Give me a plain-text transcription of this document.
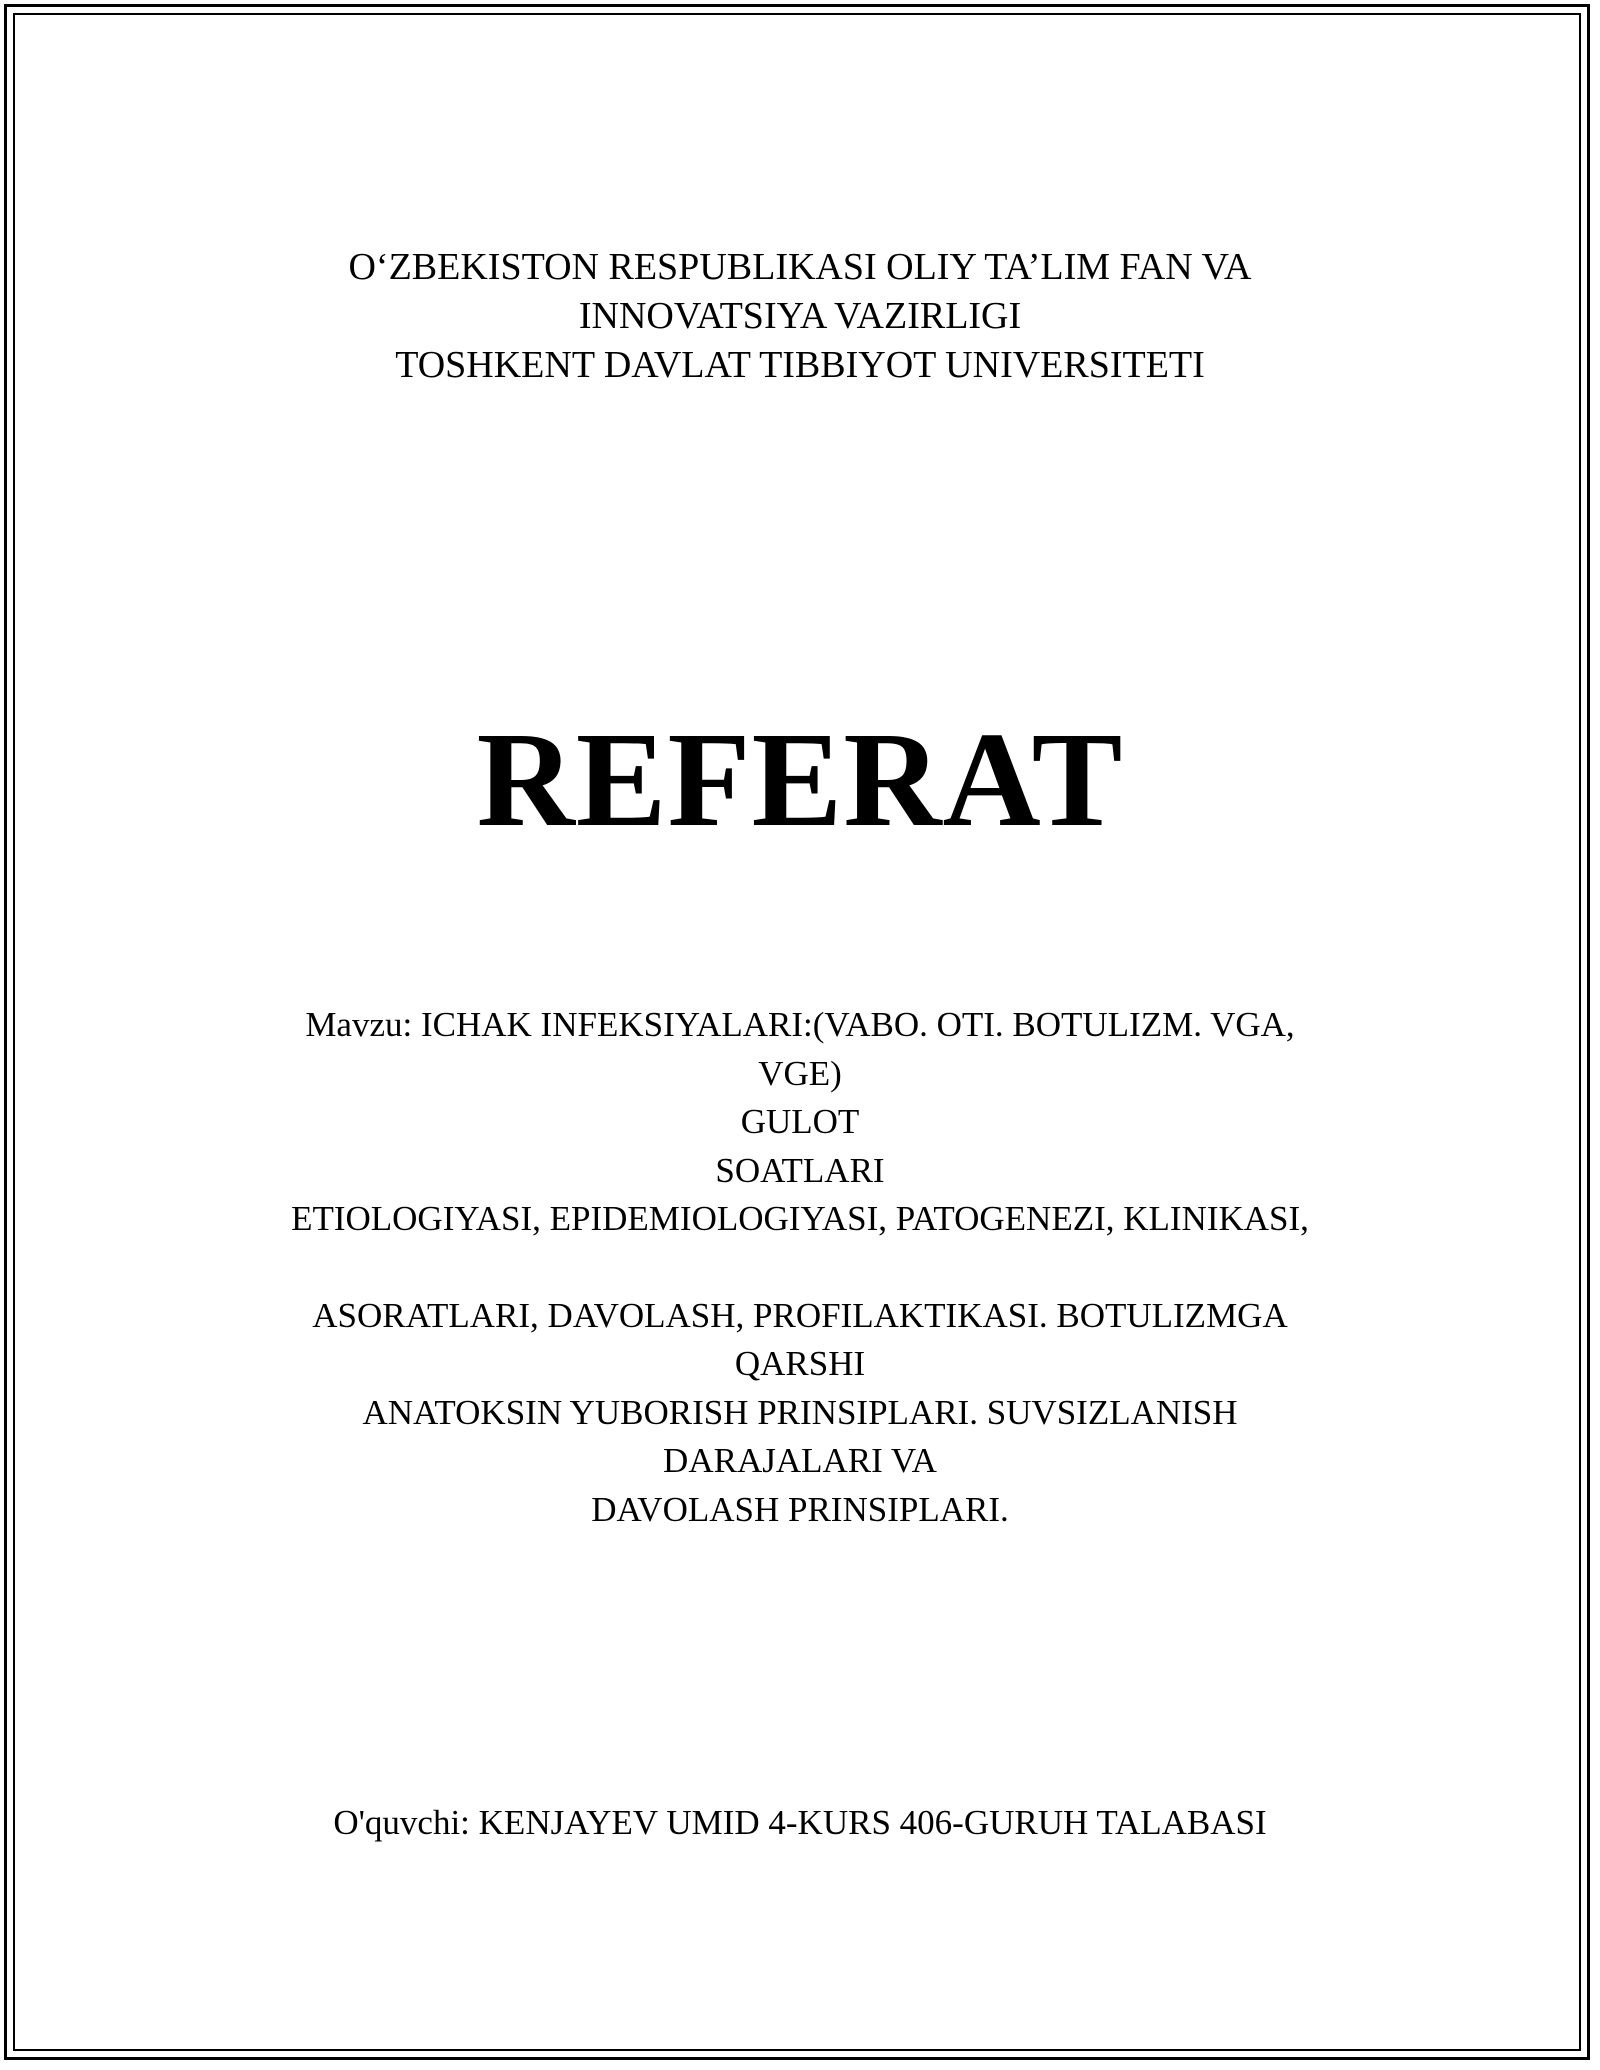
O‘ZBEKISTON RESPUBLIKASI OLIY TA’LIM FAN VA
INNOVATSIYA VAZIRLIGI
TOSHKENT DAVLAT TIBBIYOT UNIVERSITETI
REFERAT
Mavzu: ICHAK INFEKSIYALARI:(VABO. OTI. BOTULIZM. VGA,
VGE)
GULOT
SOATLARI
ETIOLOGIYASI, EPIDEMIOLOGIYASI, PATOGENEZI, KLINIKASI,
ASORATLARI, DAVOLASH, PROFILAKTIKASI. BOTULIZMGA
QARSHI
ANATOKSIN YUBORISH PRINSIPLARI. SUVSIZLANISH
DARAJALARI VA
DAVOLASH PRINSIPLARI.
O'quvchi: KENJAYEV UMID 4-KURS 406-GURUH TALABASI
